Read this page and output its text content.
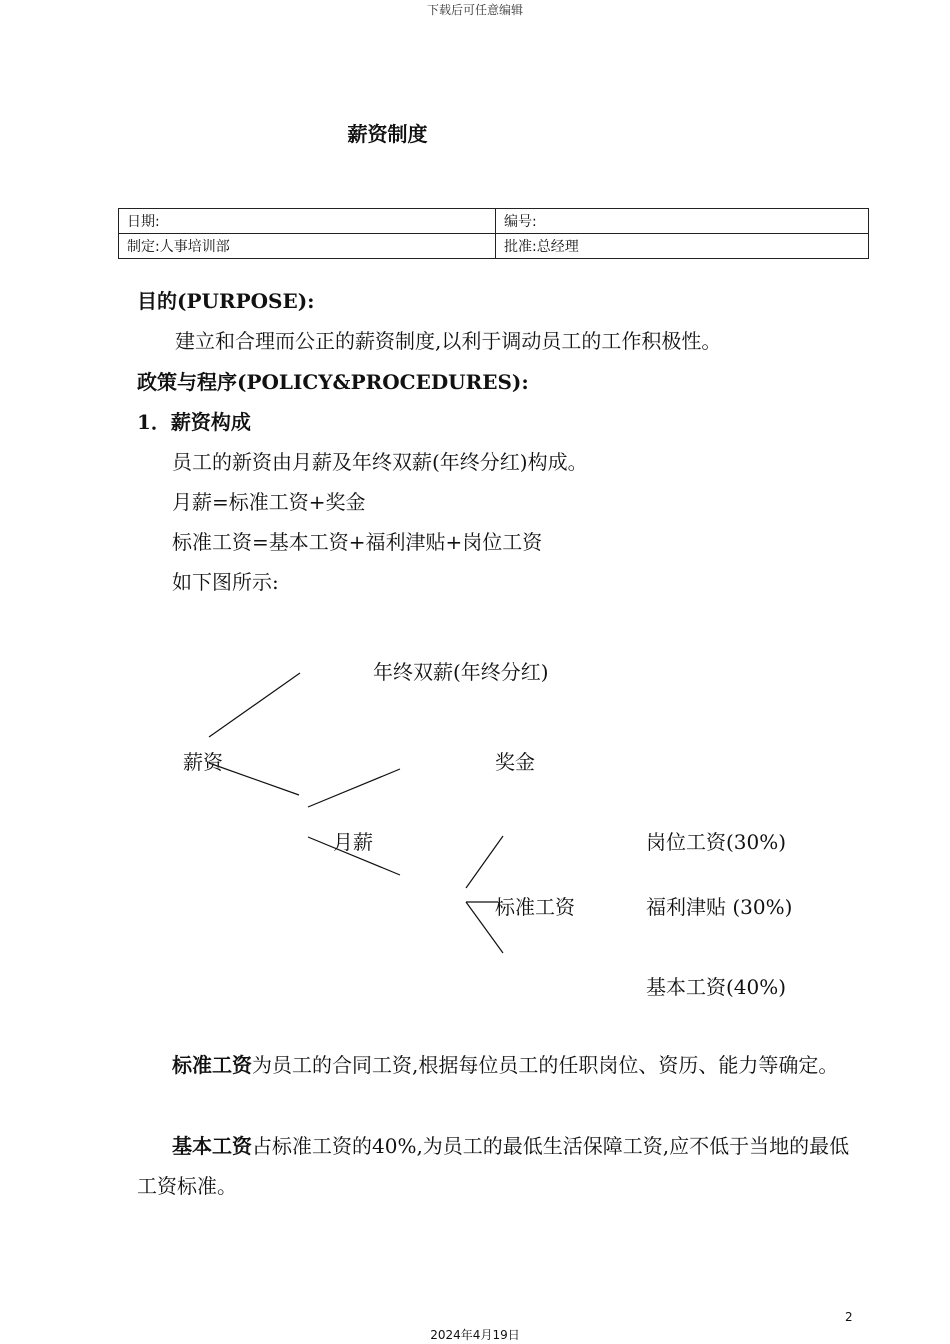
下载后可任意编辑
薪资制度
日期:	编号:
制定:人事培训部	批准:总经理
目的(PURPOSE):
建立和合理而公正的薪资制度,以利于调动员工的工作积极性。
政策与程序(POLICY&PROCEDURES):
1．薪资构成
员工的新资由月薪及年终双薪(年终分红)构成。
月薪=标准工资+奖金
标准工资=基本工资+福利津贴+岗位工资
如下图所示:
年终双薪(年终分红)
薪资	奖金
月薪	岗位工资(30%)
标准工资	福利津贴 (30%)
基本工资(40%)
标准工资为员工的合同工资,根据每位员工的任职岗位、资历、能力等确定。
基本工资占标准工资的40%,为员工的最低生活保障工资,应不低于当地的最低工资标准。
2
2024年4月19日
